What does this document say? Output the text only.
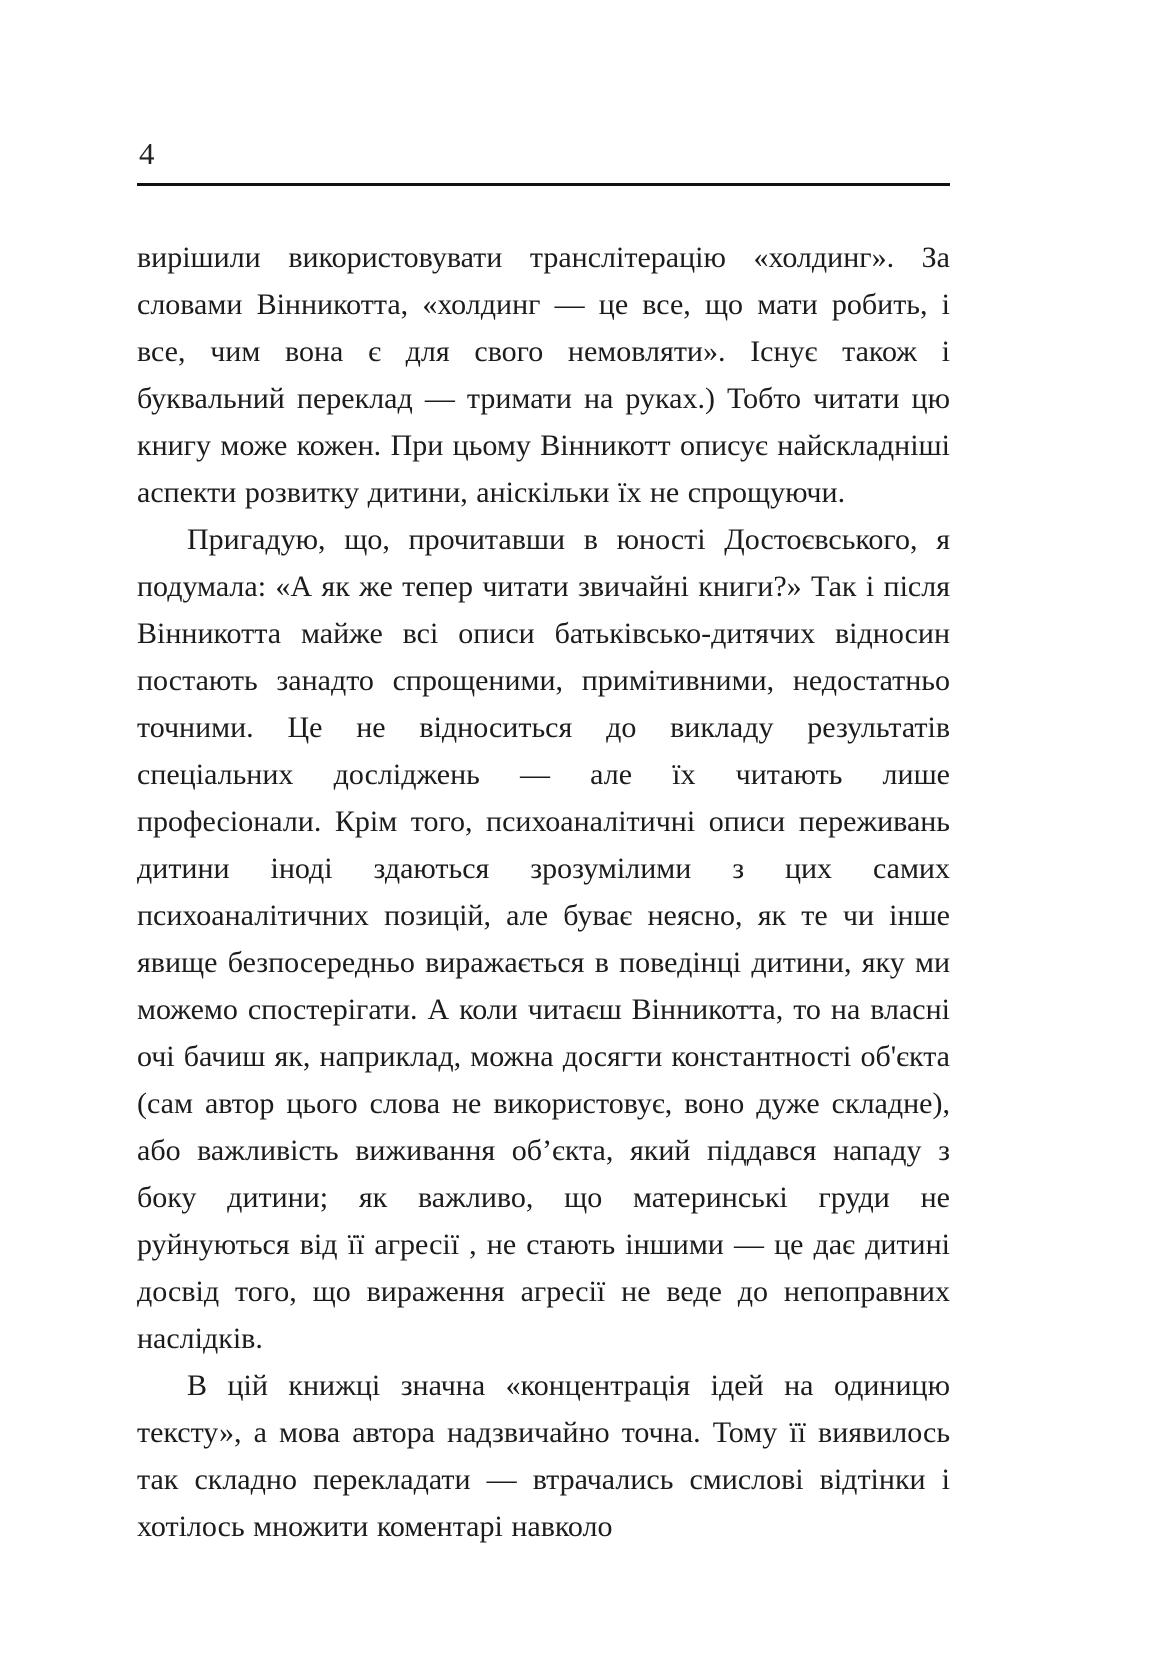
4

вирішили використовувати транслітерацію «холдинг». За словами Вінникотта, «холдинг — це все, що мати робить, і все, чим вона є для свого немовляти». Існує також і буквальний переклад — тримати на руках.) Тобто читати цю книгу може кожен. При цьому Вінникотт описує найскладніші аспекти розвитку дитини, аніскільки їх не спрощуючи.

Пригадую, що, прочитавши в юності Достоєвського, я подумала: «А як же тепер читати звичайні книги?» Так і після Вінникотта майже всі описи батьківсько-дитячих відносин постають занадто спрощеними, примітивними, недостатньо точними. Це не відноситься до викладу результатів спеціальних досліджень — але їх читають лише професіонали. Крім того, психоаналітичні описи переживань дитини іноді здаються зрозумілими з цих самих психоаналітичних позицій, але буває неясно, як те чи інше явище безпосередньо виражається в поведінці дитини, яку ми можемо спостерігати. А коли читаєш Вінникотта, то на власні очі бачиш як, наприклад, можна досягти константності об'єкта (сам автор цього слова не використовує, воно дуже складне), або важливість виживання об’єкта, який піддався нападу з боку дитини; як важливо, що материнські груди не руйнуються від її агресії , не стають іншими — це дає дитині досвід того, що вираження агресії не веде до непоправних наслідків.

В цій книжці значна «концентрація ідей на одиницю тексту», а мова автора надзвичайно точна. Тому її виявилось так складно перекладати — втрачались смислові відтінки і хотілось множити коментарі навколо
